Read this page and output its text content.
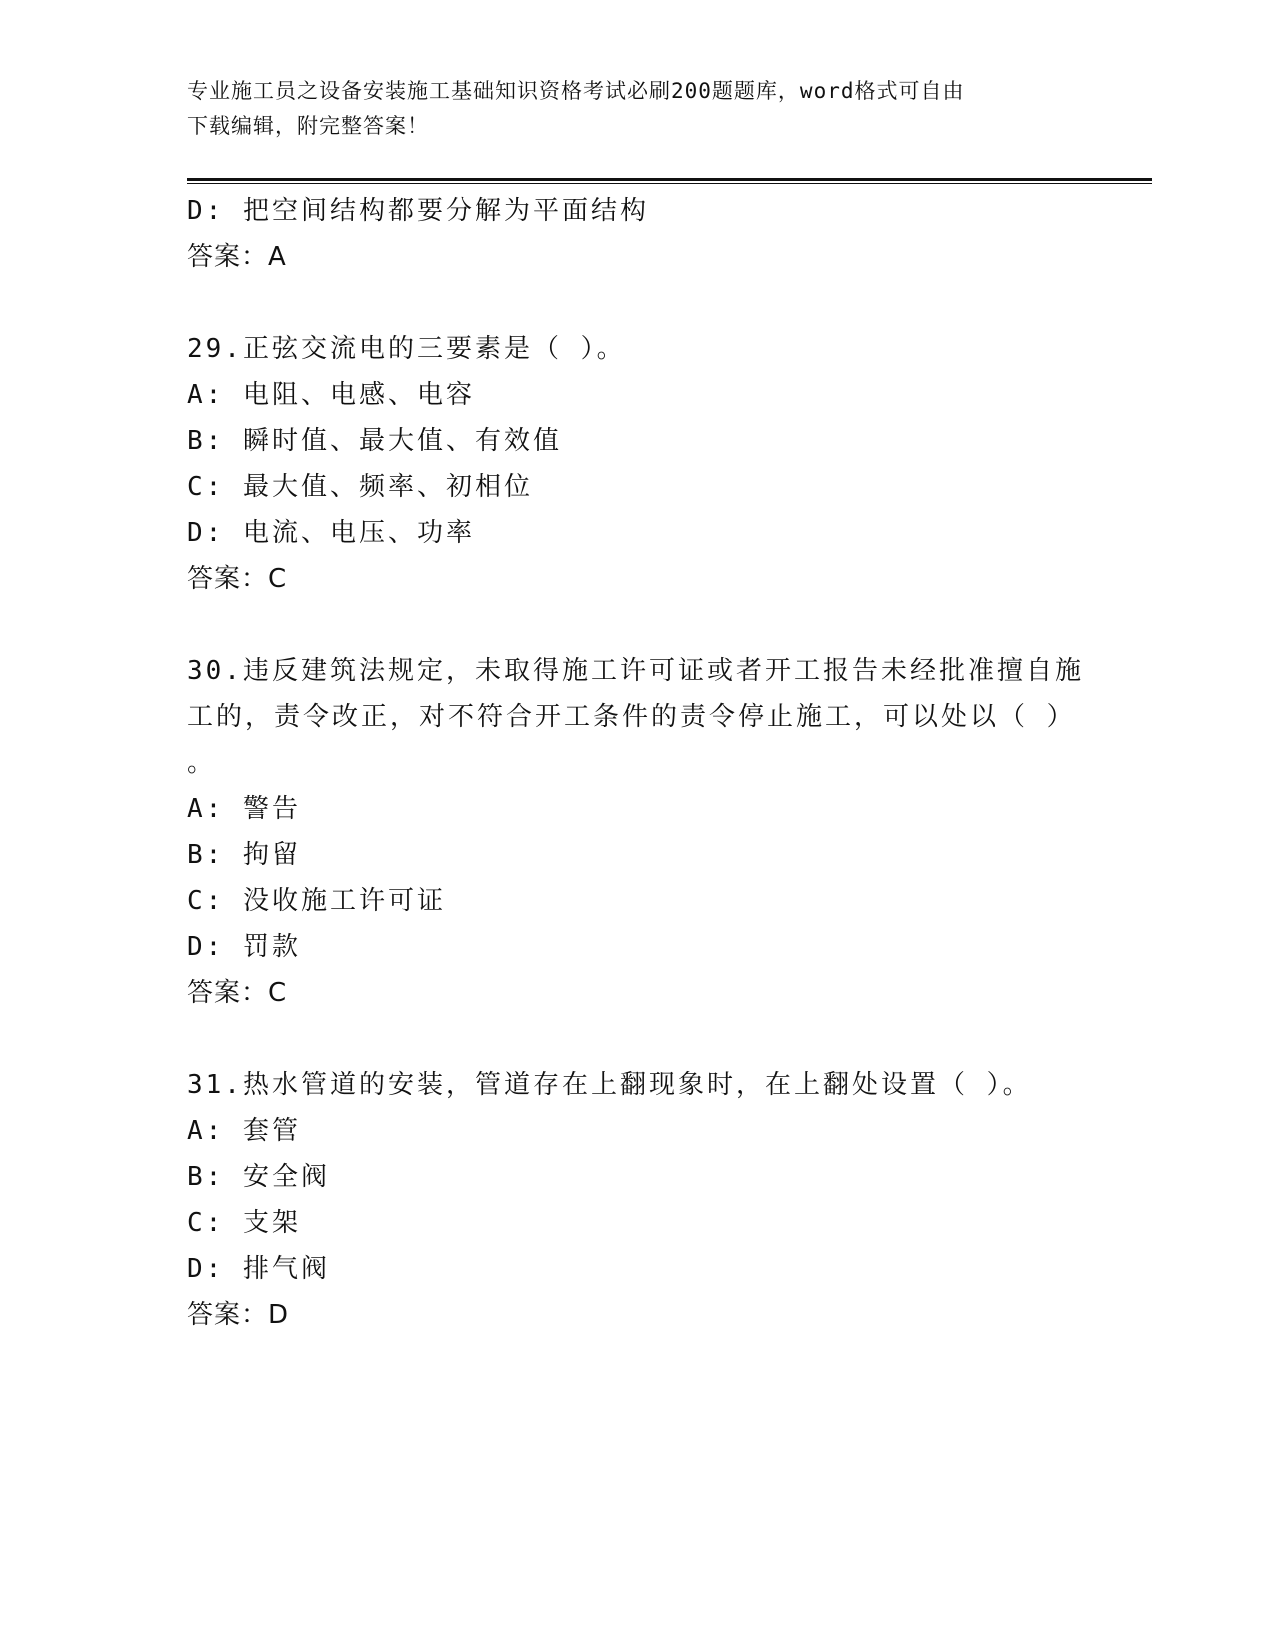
专业施工员之设备安装施工基础知识资格考试必刷200题题库，word格式可自由
下载编辑，附完整答案！
D: 把空间结构都要分解为平面结构
答案：A
29.正弦交流电的三要素是（ ）。
A: 电阻、电感、电容
B: 瞬时值、最大值、有效值
C: 最大值、频率、初相位
D: 电流、电压、功率
答案：C
30.违反建筑法规定，未取得施工许可证或者开工报告未经批准擅自施
工的，责令改正，对不符合开工条件的责令停止施工，可以处以（ ）
。
A: 警告
B: 拘留
C: 没收施工许可证
D: 罚款
答案：C
31.热水管道的安装，管道存在上翻现象时，在上翻处设置（ ）。
A: 套管
B: 安全阀
C: 支架
D: 排气阀
答案：D
